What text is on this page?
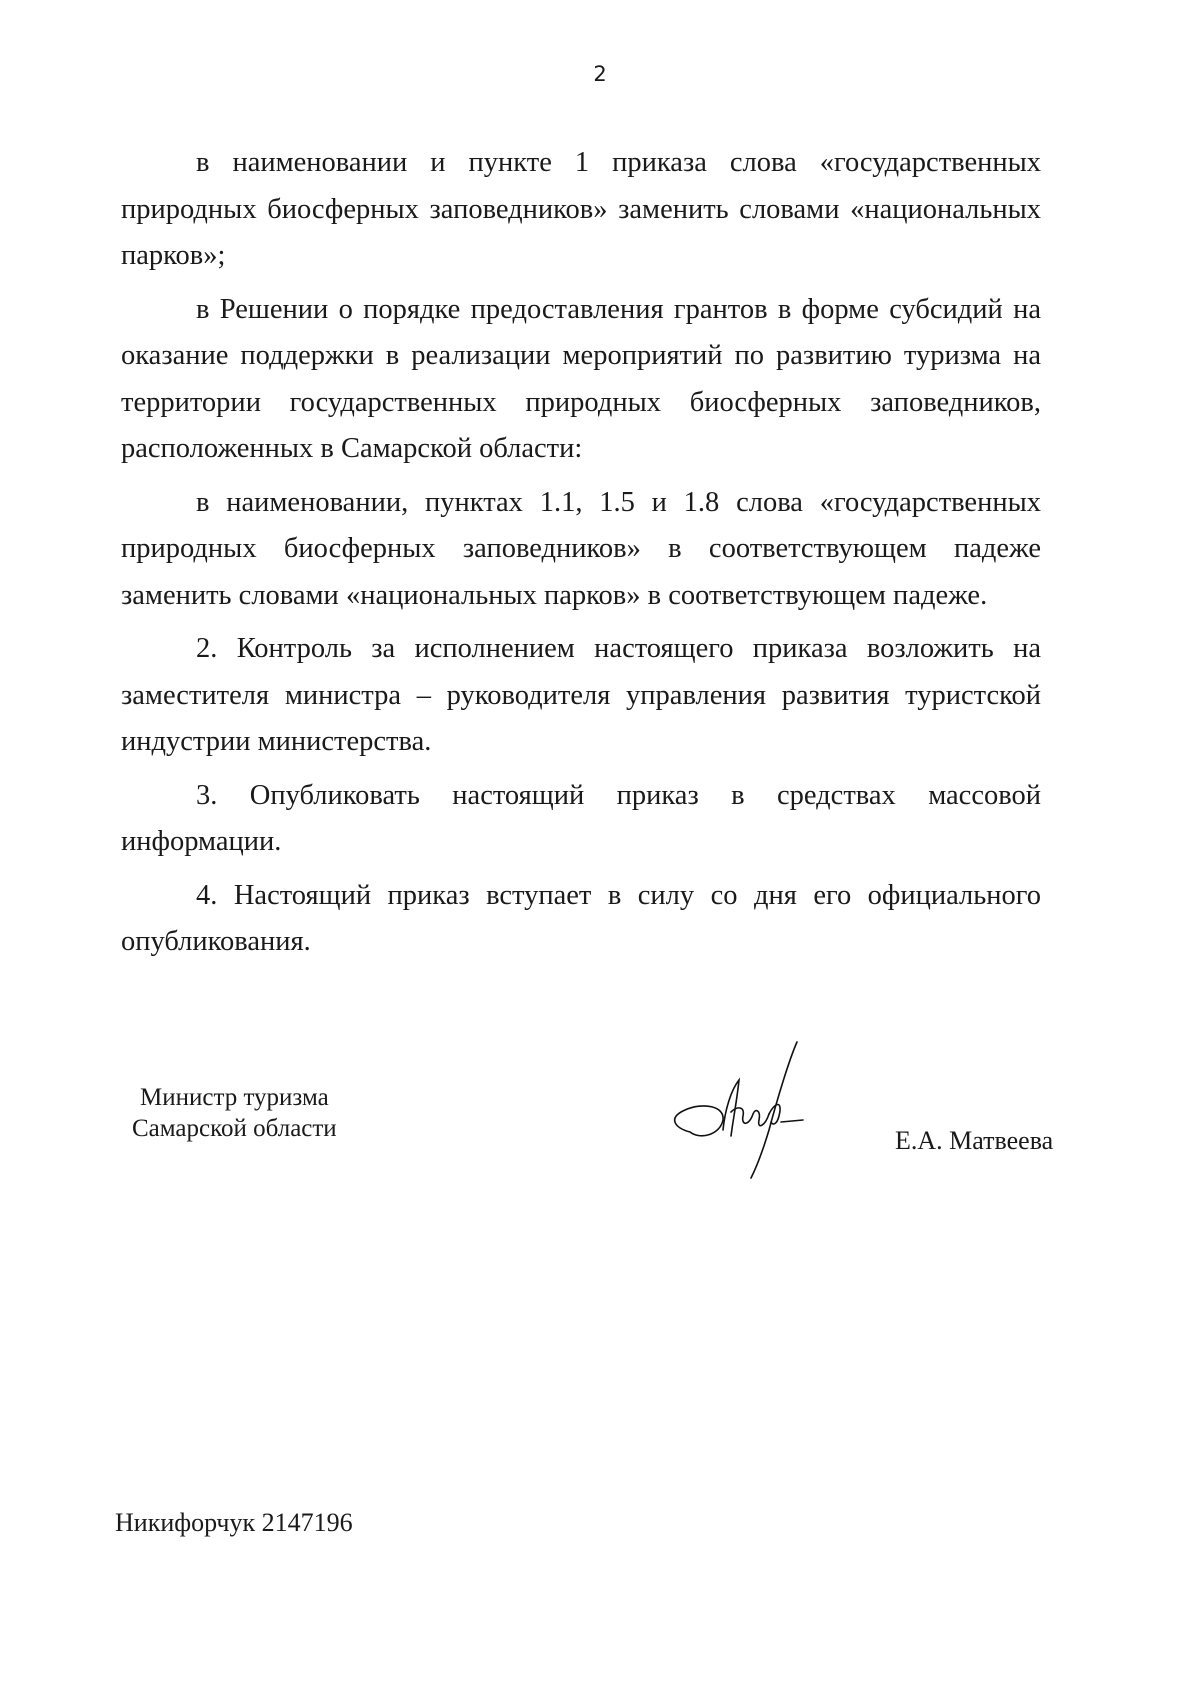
2

в наименовании и пункте 1 приказа слова «государственных природных биосферных заповедников» заменить словами «национальных парков»;

в Решении о порядке предоставления грантов в форме субсидий на оказание поддержки в реализации мероприятий по развитию туризма на территории государственных природных биосферных заповедников, расположенных в Самарской области:

в наименовании, пунктах 1.1, 1.5 и 1.8 слова «государственных природных биосферных заповедников» в соответствующем падеже заменить словами «национальных парков» в соответствующем падеже.

2. Контроль за исполнением настоящего приказа возложить на заместителя министра – руководителя управления развития туристской индустрии министерства.

3. Опубликовать настоящий приказ в средствах массовой информации.

4. Настоящий приказ вступает в силу со дня его официального опубликования.

Министр туризма
Самарской области	Е.А. Матвеева
Никифорчук 2147196
